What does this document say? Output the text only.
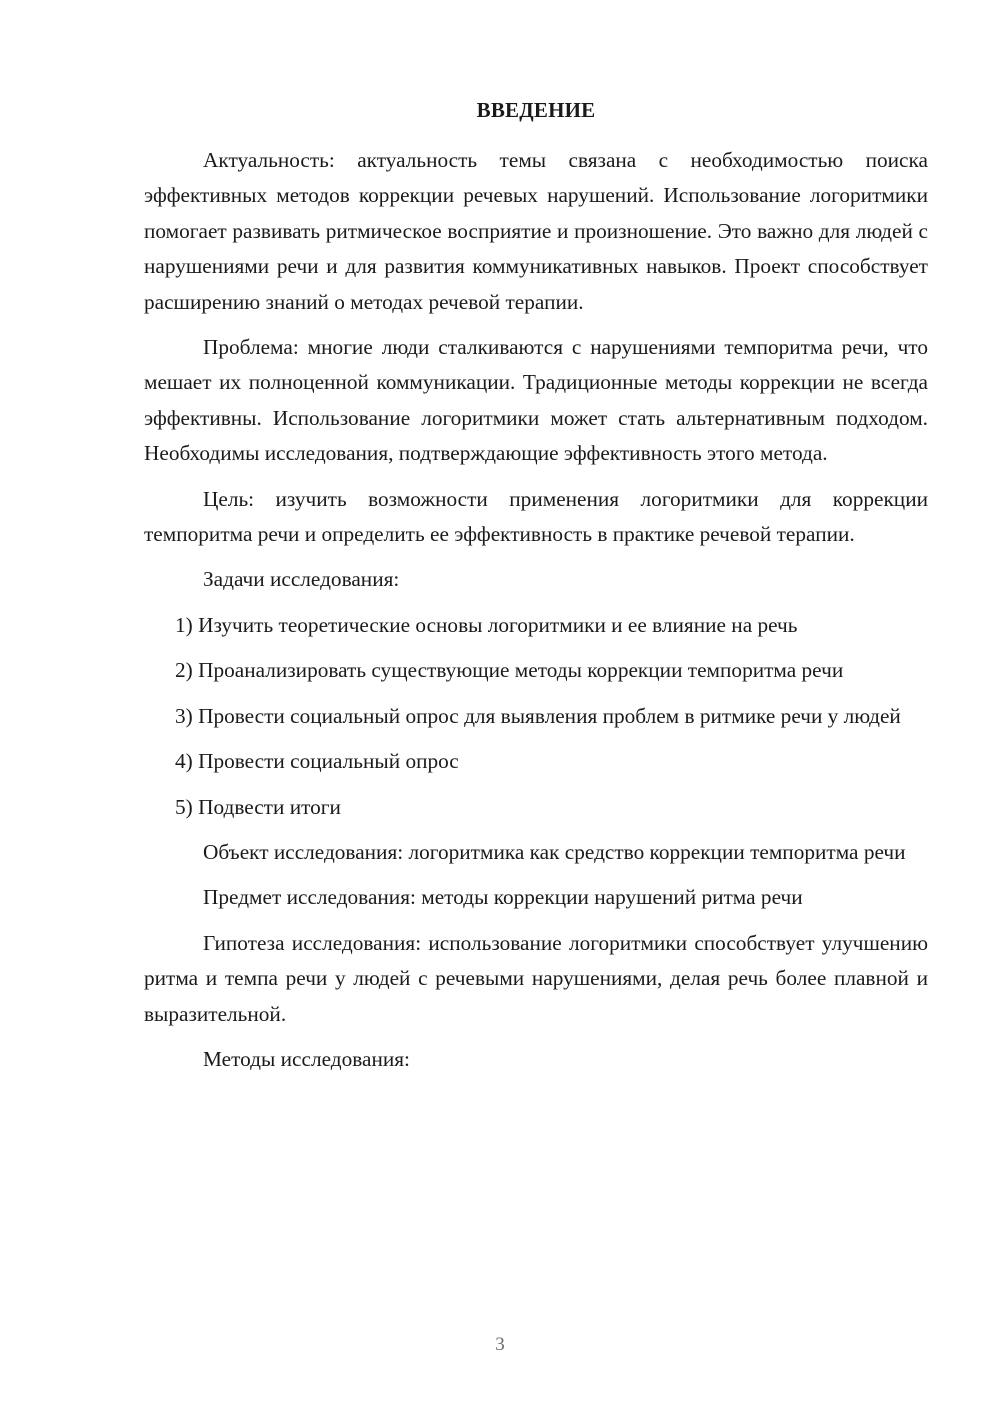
ВВЕДЕНИЕ

Актуальность: актуальность темы связана с необходимостью поиска эффективных методов коррекции речевых нарушений. Использование логоритмики помогает развивать ритмическое восприятие и произношение. Это важно для людей с нарушениями речи и для развития коммуникативных навыков. Проект способствует расширению знаний о методах речевой терапии.

Проблема: многие люди сталкиваются с нарушениями темпоритма речи, что мешает их полноценной коммуникации. Традиционные методы коррекции не всегда эффективны. Использование логоритмики может стать альтернативным подходом. Необходимы исследования, подтверждающие эффективность этого метода.

Цель: изучить возможности применения логоритмики для коррекции темпоритма речи и определить ее эффективность в практике речевой терапии.

Задачи исследования:

1) Изучить теоретические основы логоритмики и ее влияние на речь

2) Проанализировать существующие методы коррекции темпоритма речи

3) Провести социальный опрос для выявления проблем в ритмике речи у людей

4) Провести социальный опрос

5) Подвести итоги

Объект исследования: логоритмика как средство коррекции темпоритма речи

Предмет исследования: методы коррекции нарушений ритма речи

Гипотеза исследования: использование логоритмики способствует улучшению ритма и темпа речи у людей с речевыми нарушениями, делая речь более плавной и выразительной.

Методы исследования:

3
